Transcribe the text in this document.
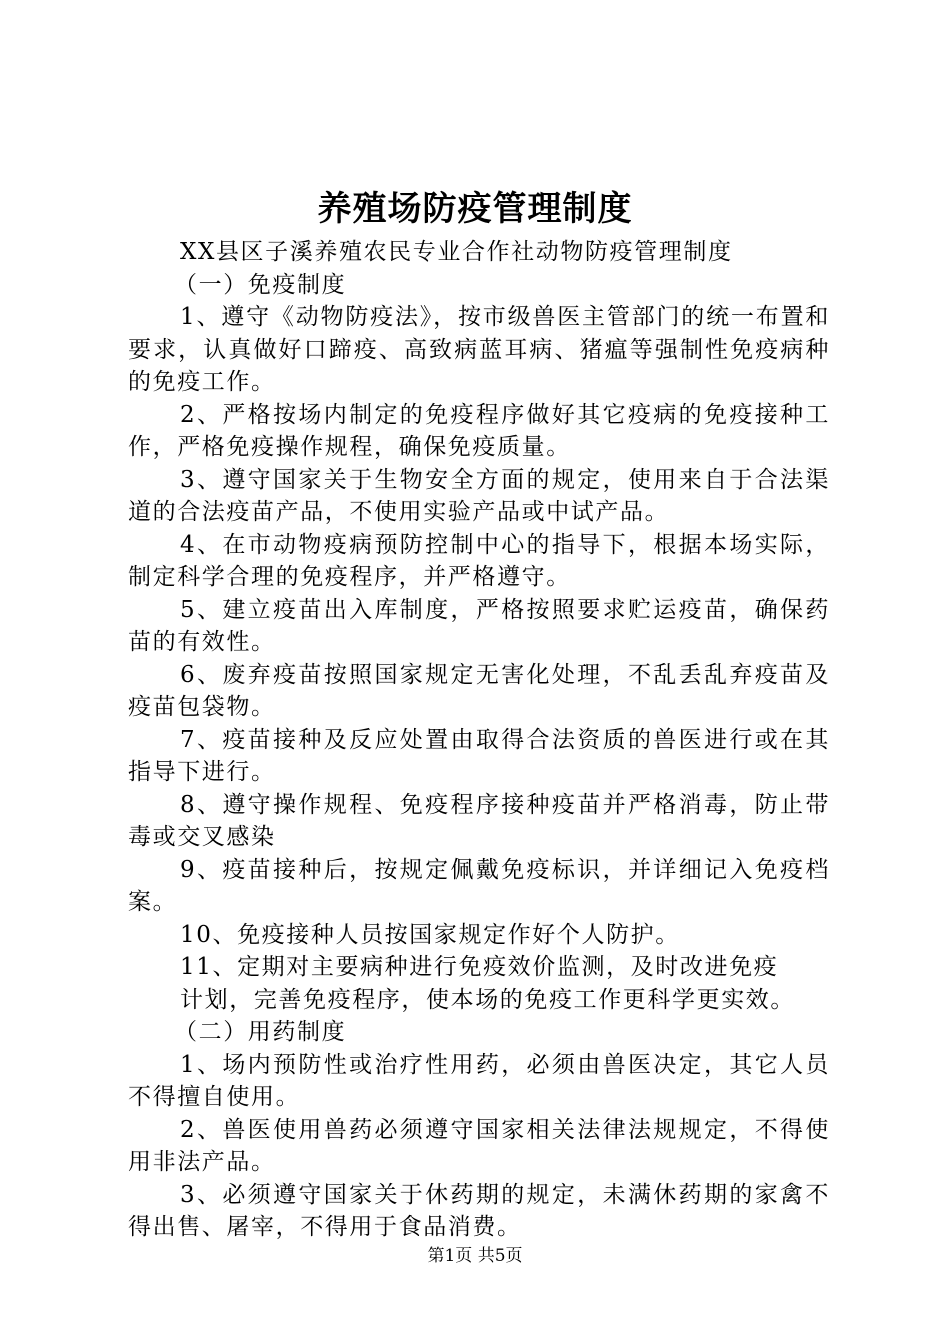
养殖场防疫管理制度

XX县区子溪养殖农民专业合作社动物防疫管理制度

（一）免疫制度

1、遵守《动物防疫法》，按市级兽医主管部门的统一布置和要求，认真做好口蹄疫、高致病蓝耳病、猪瘟等强制性免疫病种的免疫工作。

2、严格按场内制定的免疫程序做好其它疫病的免疫接种工作，严格免疫操作规程，确保免疫质量。

3、遵守国家关于生物安全方面的规定，使用来自于合法渠道的合法疫苗产品，不使用实验产品或中试产品。

4、在市动物疫病预防控制中心的指导下，根据本场实际，制定科学合理的免疫程序，并严格遵守。

5、建立疫苗出入库制度，严格按照要求贮运疫苗，确保药苗的有效性。

6、废弃疫苗按照国家规定无害化处理，不乱丢乱弃疫苗及疫苗包袋物。

7、疫苗接种及反应处置由取得合法资质的兽医进行或在其指导下进行。

8、遵守操作规程、免疫程序接种疫苗并严格消毒，防止带毒或交叉感染

9、疫苗接种后，按规定佩戴免疫标识，并详细记入免疫档案。

10、免疫接种人员按国家规定作好个人防护。

11、定期对主要病种进行免疫效价监测，及时改进免疫

计划，完善免疫程序，使本场的免疫工作更科学更实效。

（二）用药制度

1、场内预防性或治疗性用药，必须由兽医决定，其它人员不得擅自使用。

2、兽医使用兽药必须遵守国家相关法律法规规定，不得使用非法产品。

3、必须遵守国家关于休药期的规定，未满休药期的家禽不得出售、屠宰，不得用于食品消费。

第1页 共5页
